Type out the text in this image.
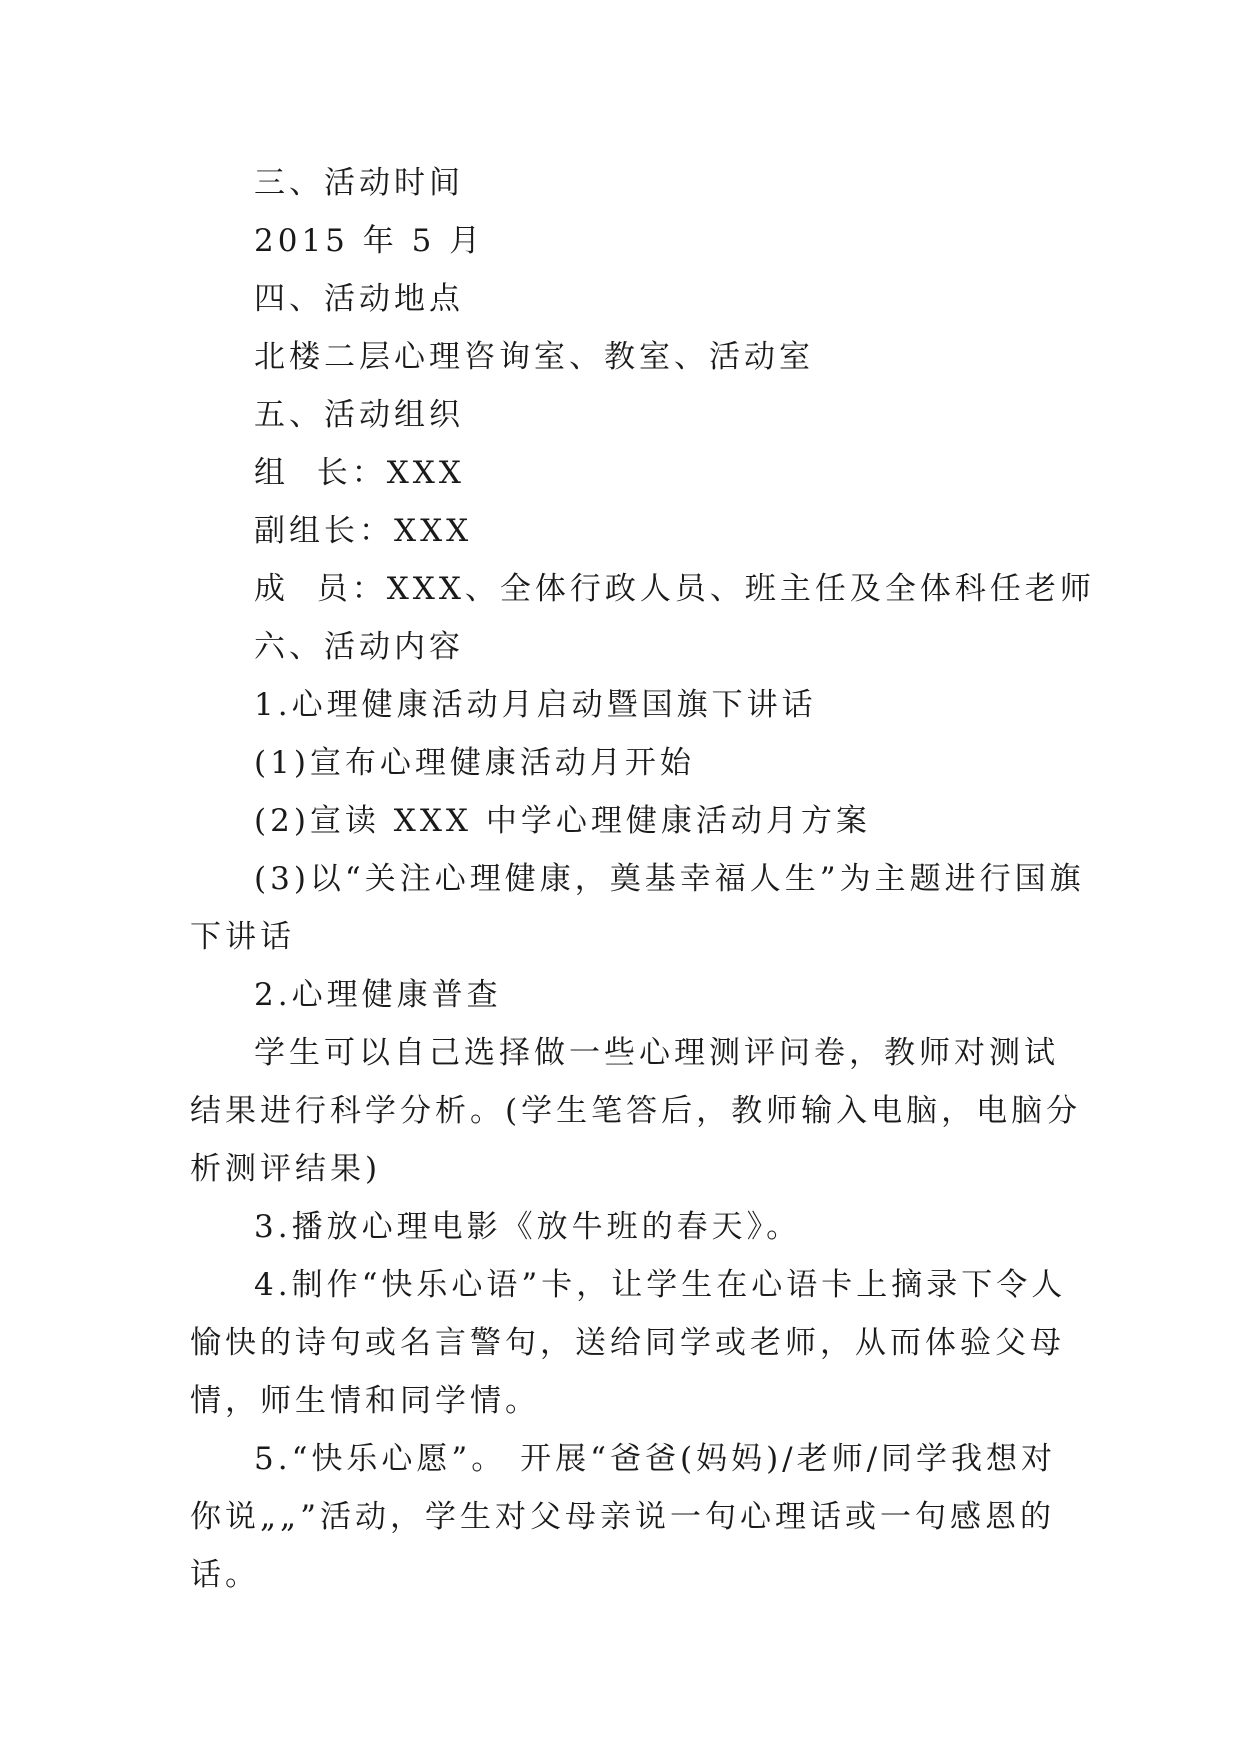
三、活动时间

2015 年 5 月

四、活动地点

北楼二层心理咨询室、教室、活动室

五、活动组织

组  长：XXX

副组长：XXX

成  员：XXX、全体行政人员、班主任及全体科任老师

六、活动内容

1.心理健康活动月启动暨国旗下讲话

(1)宣布心理健康活动月开始

(2)宣读 XXX 中学心理健康活动月方案

(3)以“关注心理健康，奠基幸福人生”为主题进行国旗下讲话

2.心理健康普查

学生可以自己选择做一些心理测评问卷，教师对测试结果进行科学分析。(学生笔答后，教师输入电脑，电脑分析测评结果)

3.播放心理电影《放牛班的春天》。

4.制作“快乐心语”卡，让学生在心语卡上摘录下令人愉快的诗句或名言警句，送给同学或老师，从而体验父母情，师生情和同学情。

5.“快乐心愿”。 开展“爸爸(妈妈)/老师/同学我想对你说„„”活动，学生对父母亲说一句心理话或一句感恩的话。
